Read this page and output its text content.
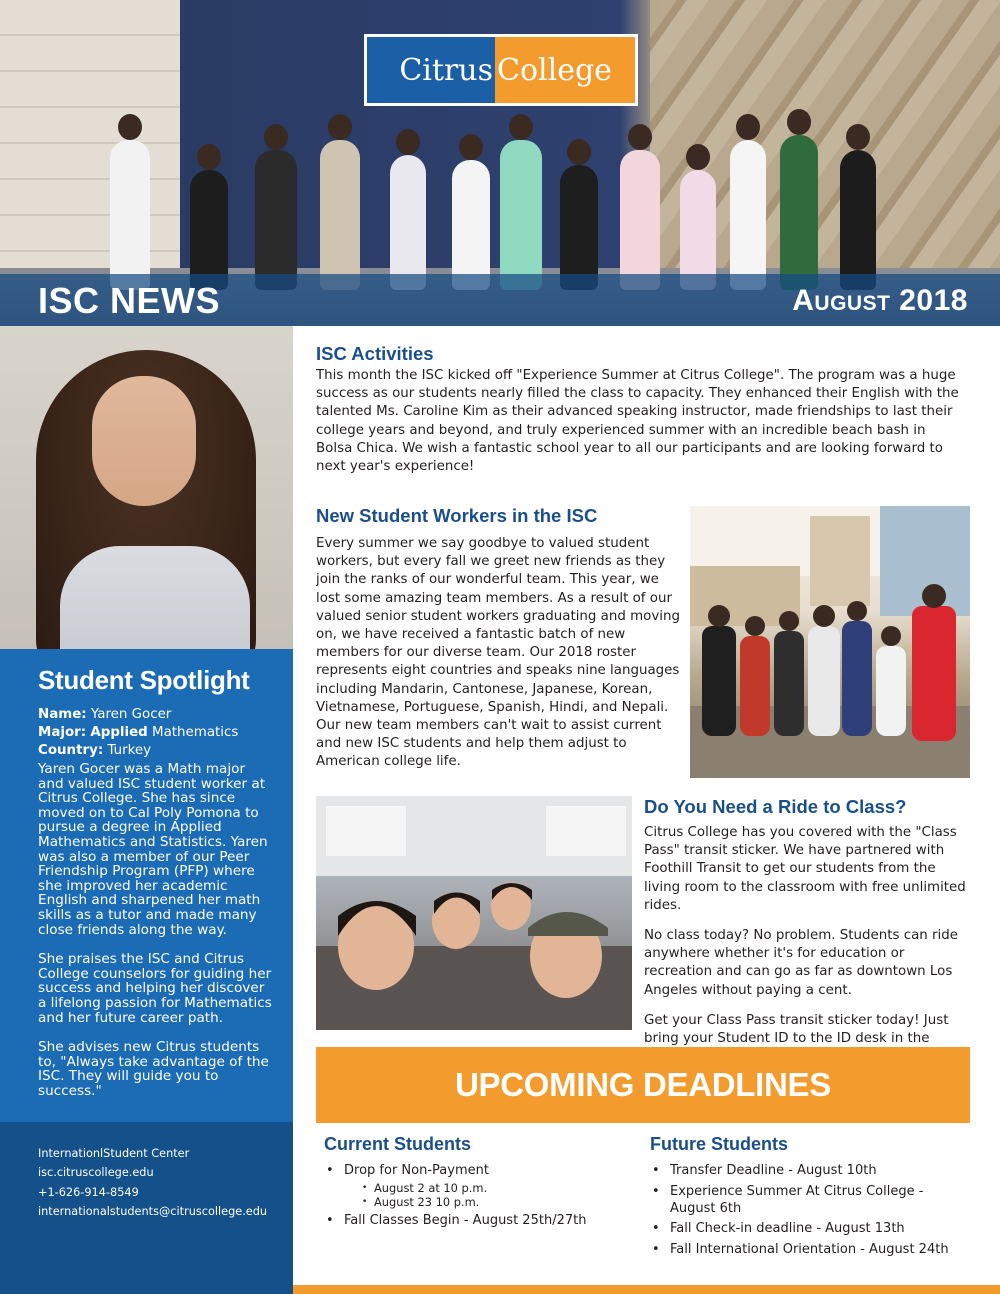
Citrus College
ISC NEWS	August 2018
Student Spotlight
Name: Yaren Gocer
Major: Applied Mathematics
Country: Turkey

Yaren Gocer was a Math major and valued ISC student worker at Citrus College. She has since moved on to Cal Poly Pomona to pursue a degree in Applied Mathematics and Statistics. Yaren was also a member of our Peer Friendship Program (PFP) where she improved her academic English and sharpened her math skills as a tutor and made many close friends along the way.

She praises the ISC and Citrus College counselors for guiding her success and helping her discover a lifelong passion for Mathematics and her future career path.

She advises new Citrus students to, "Always take advantage of the ISC. They will guide you to success."

InternationlStudent Center
isc.citruscollege.edu
+1-626-914-8549
internationalstudents@citruscollege.edu
ISC Activities
This month the ISC kicked off "Experience Summer at Citrus College". The program was a huge success as our students nearly filled the class to capacity. They enhanced their English with the talented Ms. Caroline Kim as their advanced speaking instructor, made friendships to last their college years and beyond, and truly experienced summer with an incredible beach bash in Bolsa Chica. We wish a fantastic school year to all our participants and are looking forward to next year's experience!
New Student Workers in the ISC
Every summer we say goodbye to valued student workers, but every fall we greet new friends as they join the ranks of our wonderful team. This year, we lost some amazing team members. As a result of our valued senior student workers graduating and moving on, we have received a fantastic batch of new members for our diverse team. Our 2018 roster represents eight countries and speaks nine languages including Mandarin, Cantonese, Japanese, Korean, Vietnamese, Portuguese, Spanish, Hindi, and Nepali. Our new team members can't wait to assist current and new ISC students and help them adjust to American college life.
Do You Need a Ride to Class?

Citrus College has you covered with the "Class Pass" transit sticker. We have partnered with Foothill Transit to get our students from the living room to the classroom with free unlimited rides.

No class today? No problem. Students can ride anywhere whether it's for education or recreation and can go as far as downtown Los Angeles without paying a cent.

Get your Class Pass transit sticker today! Just bring your Student ID to the ID desk in the

UPCOMING DEADLINES
Current Students
• Drop for Non-Payment
• August 2 at 10 p.m.
• August 23 10 p.m.
• Fall Classes Begin - August 25th/27th
Future Students
• Transfer Deadline - August 10th
• Experience Summer At Citrus College -August 6th
• Fall Check-in deadline - August 13th
• Fall International Orientation - August 24th
